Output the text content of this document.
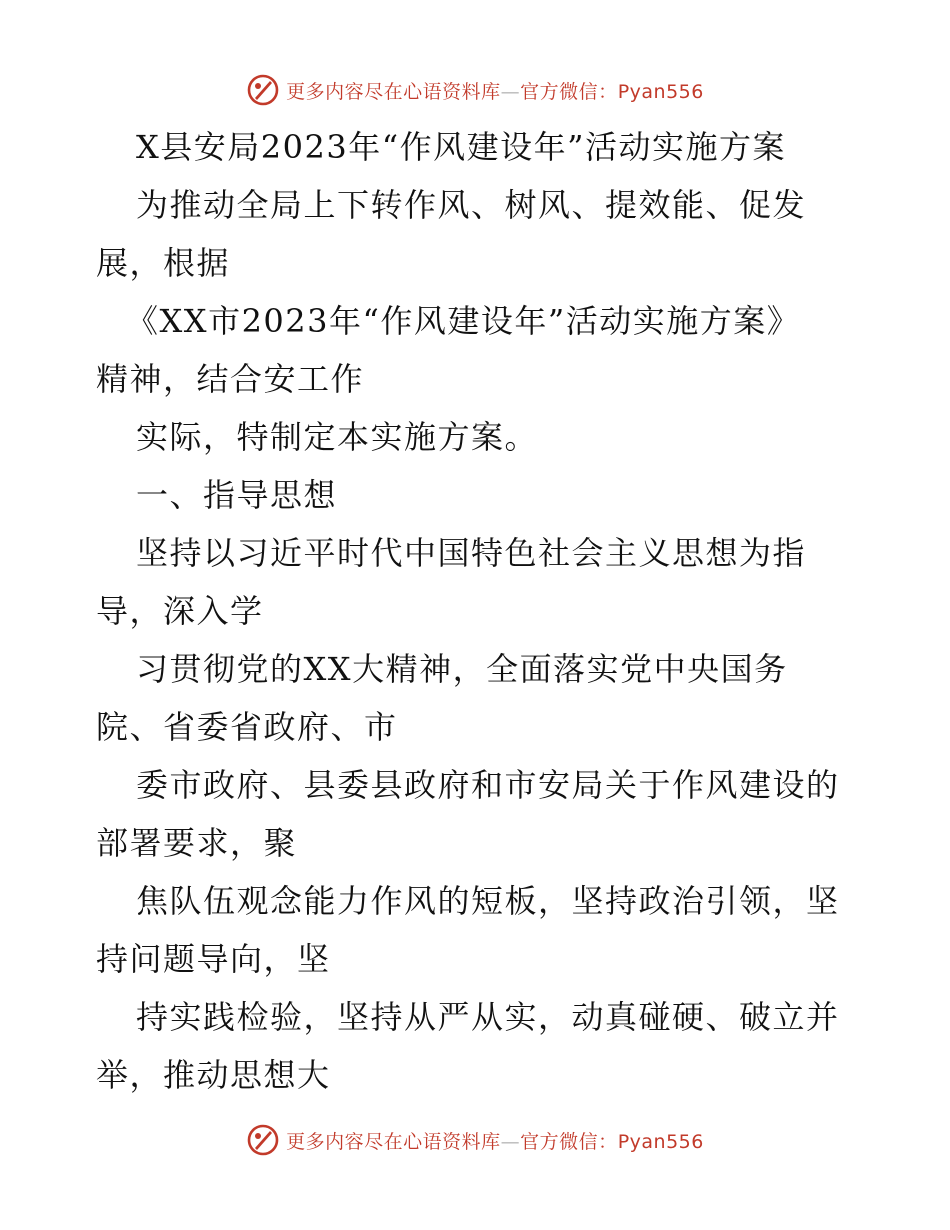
更多内容尽在心语资料库—官方微信：Pyan556
X县安局2023年“作风建设年”活动实施方案
为推动全局上下转作风、树风、提效能、促发
展，根据
《XX市2023年“作风建设年”活动实施方案》
精神，结合安工作
实际，特制定本实施方案。
一、指导思想
坚持以习近平时代中国特色社会主义思想为指
导，深入学
习贯彻党的XX大精神，全面落实党中央国务
院、省委省政府、市
委市政府、县委县政府和市安局关于作风建设的
部署要求，聚
焦队伍观念能力作风的短板，坚持政治引领，坚
持问题导向，坚
持实践检验，坚持从严从实，动真碰硬、破立并
举，推动思想大
更多内容尽在心语资料库—官方微信：Pyan556
